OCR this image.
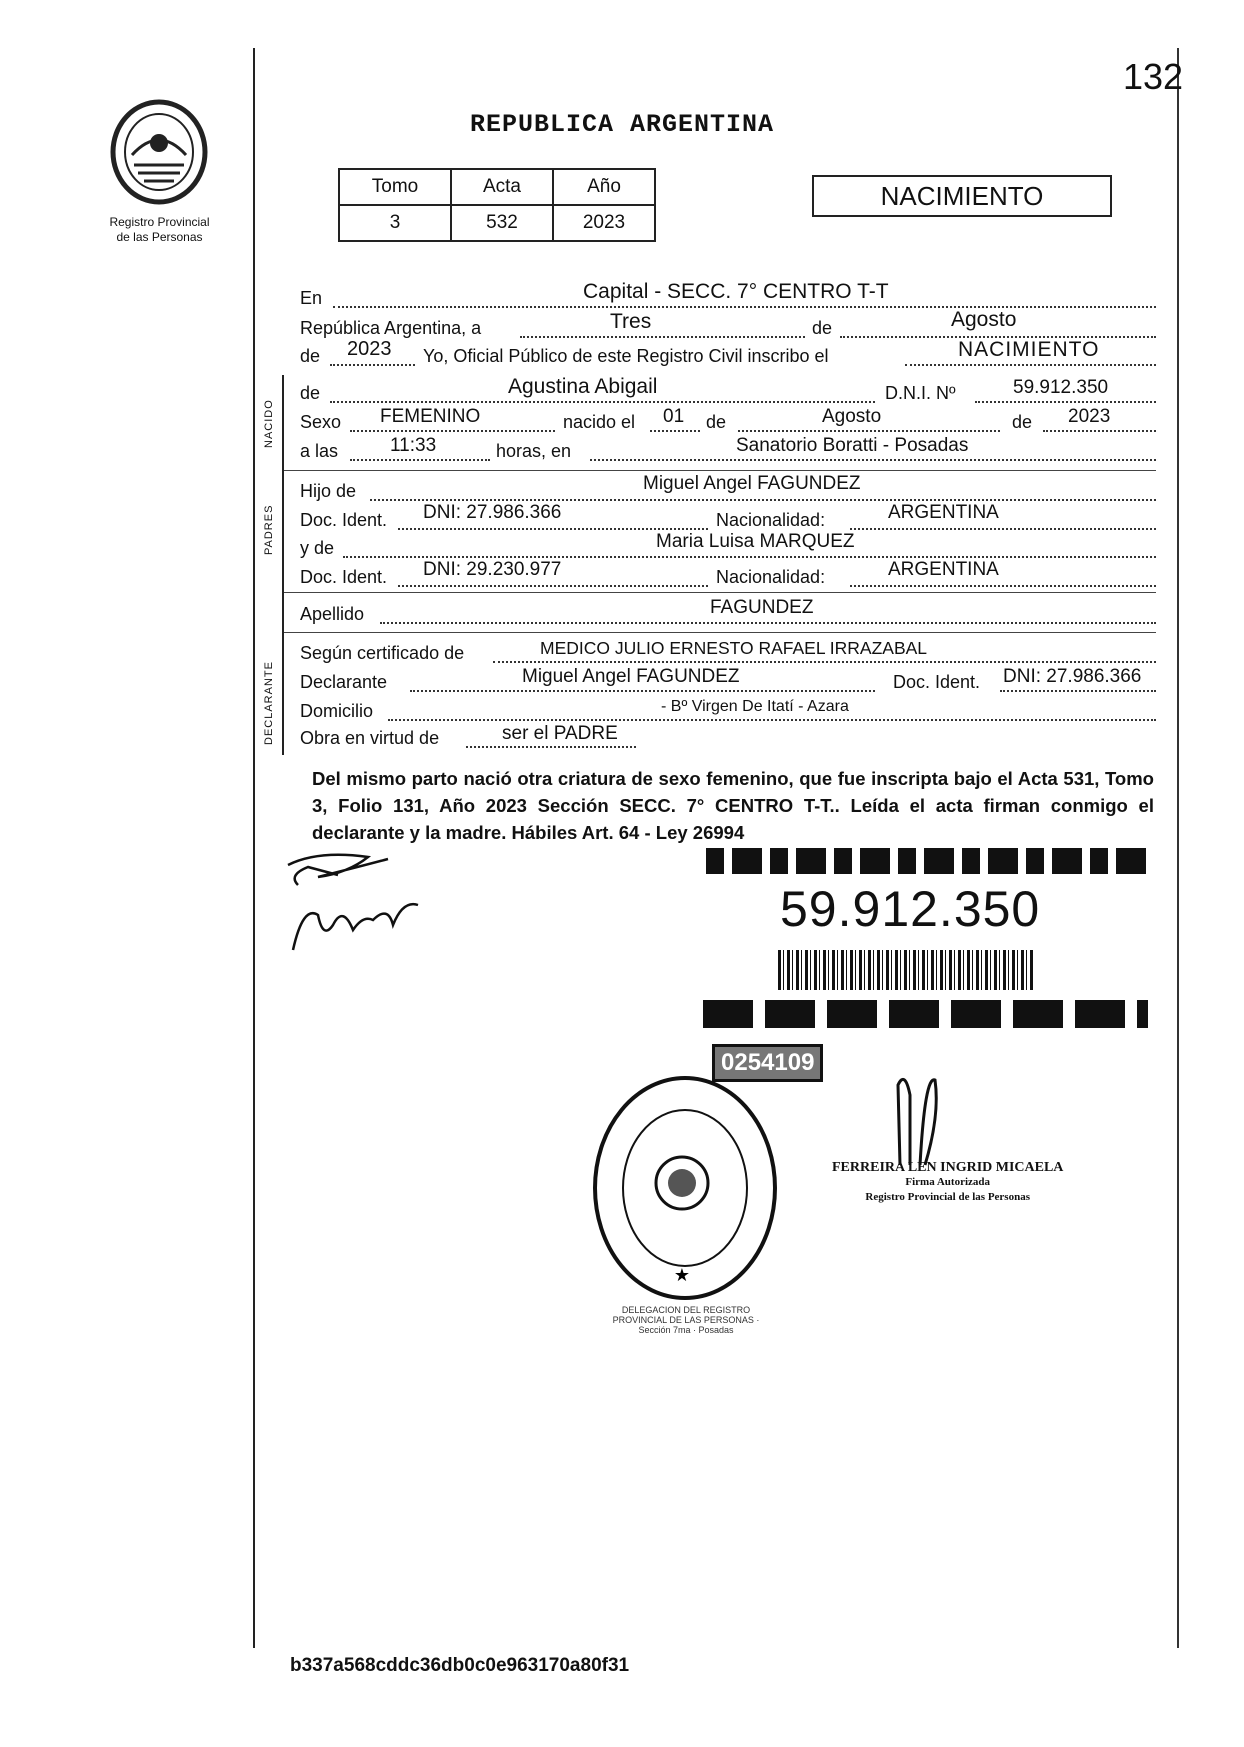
132
Registro Provincial
de las Personas
REPUBLICA ARGENTINA
Tomo	Acta	Año
3	532	2023
NACIMIENTO
NACIDO
PADRES
DECLARANTE
En	Capital - SECC. 7° CENTRO T-T
República Argentina, a	Tres	de	Agosto
de 2023 Yo, Oficial Público de este Registro Civil inscribo el	NACIMIENTO
de	Agustina Abigail	D.N.I. Nº	59.912.350
Sexo FEMENINO	nacido el 01 de	Agosto	de 2023
a las	11:33	horas, en	Sanatorio Boratti - Posadas
Hijo de	Miguel Angel FAGUNDEZ
Doc. Ident. DNI: 27.986.366	Nacionalidad:	ARGENTINA
y de	Maria Luisa MARQUEZ
Doc. Ident. DNI: 29.230.977	Nacionalidad:	ARGENTINA
Apellido	FAGUNDEZ
Según certificado de	MEDICO JULIO ERNESTO RAFAEL IRRAZABAL
Declarante	Miguel Angel FAGUNDEZ	Doc. Ident. DNI: 27.986.366
Domicilio	- Bº Virgen De Itatí - Azara
Obra en virtud de	ser el PADRE
Del mismo parto nació otra criatura de sexo femenino, que fue inscripta bajo el Acta 531, Tomo 3, Folio 131, Año 2023 Sección SECC. 7° CENTRO T-T.. Leída el acta firman conmigo el declarante y la madre. Hábiles Art. 64 - Ley 26994
59.912.350
0254109
★
DELEGACION DEL REGISTRO PROVINCIAL DE LAS PERSONAS · Sección 7ma · Posadas
FERREIRA LEN INGRID MICAELA
Firma Autorizada
Registro Provincial de las Personas
b337a568cddc36db0c0e963170a80f31
